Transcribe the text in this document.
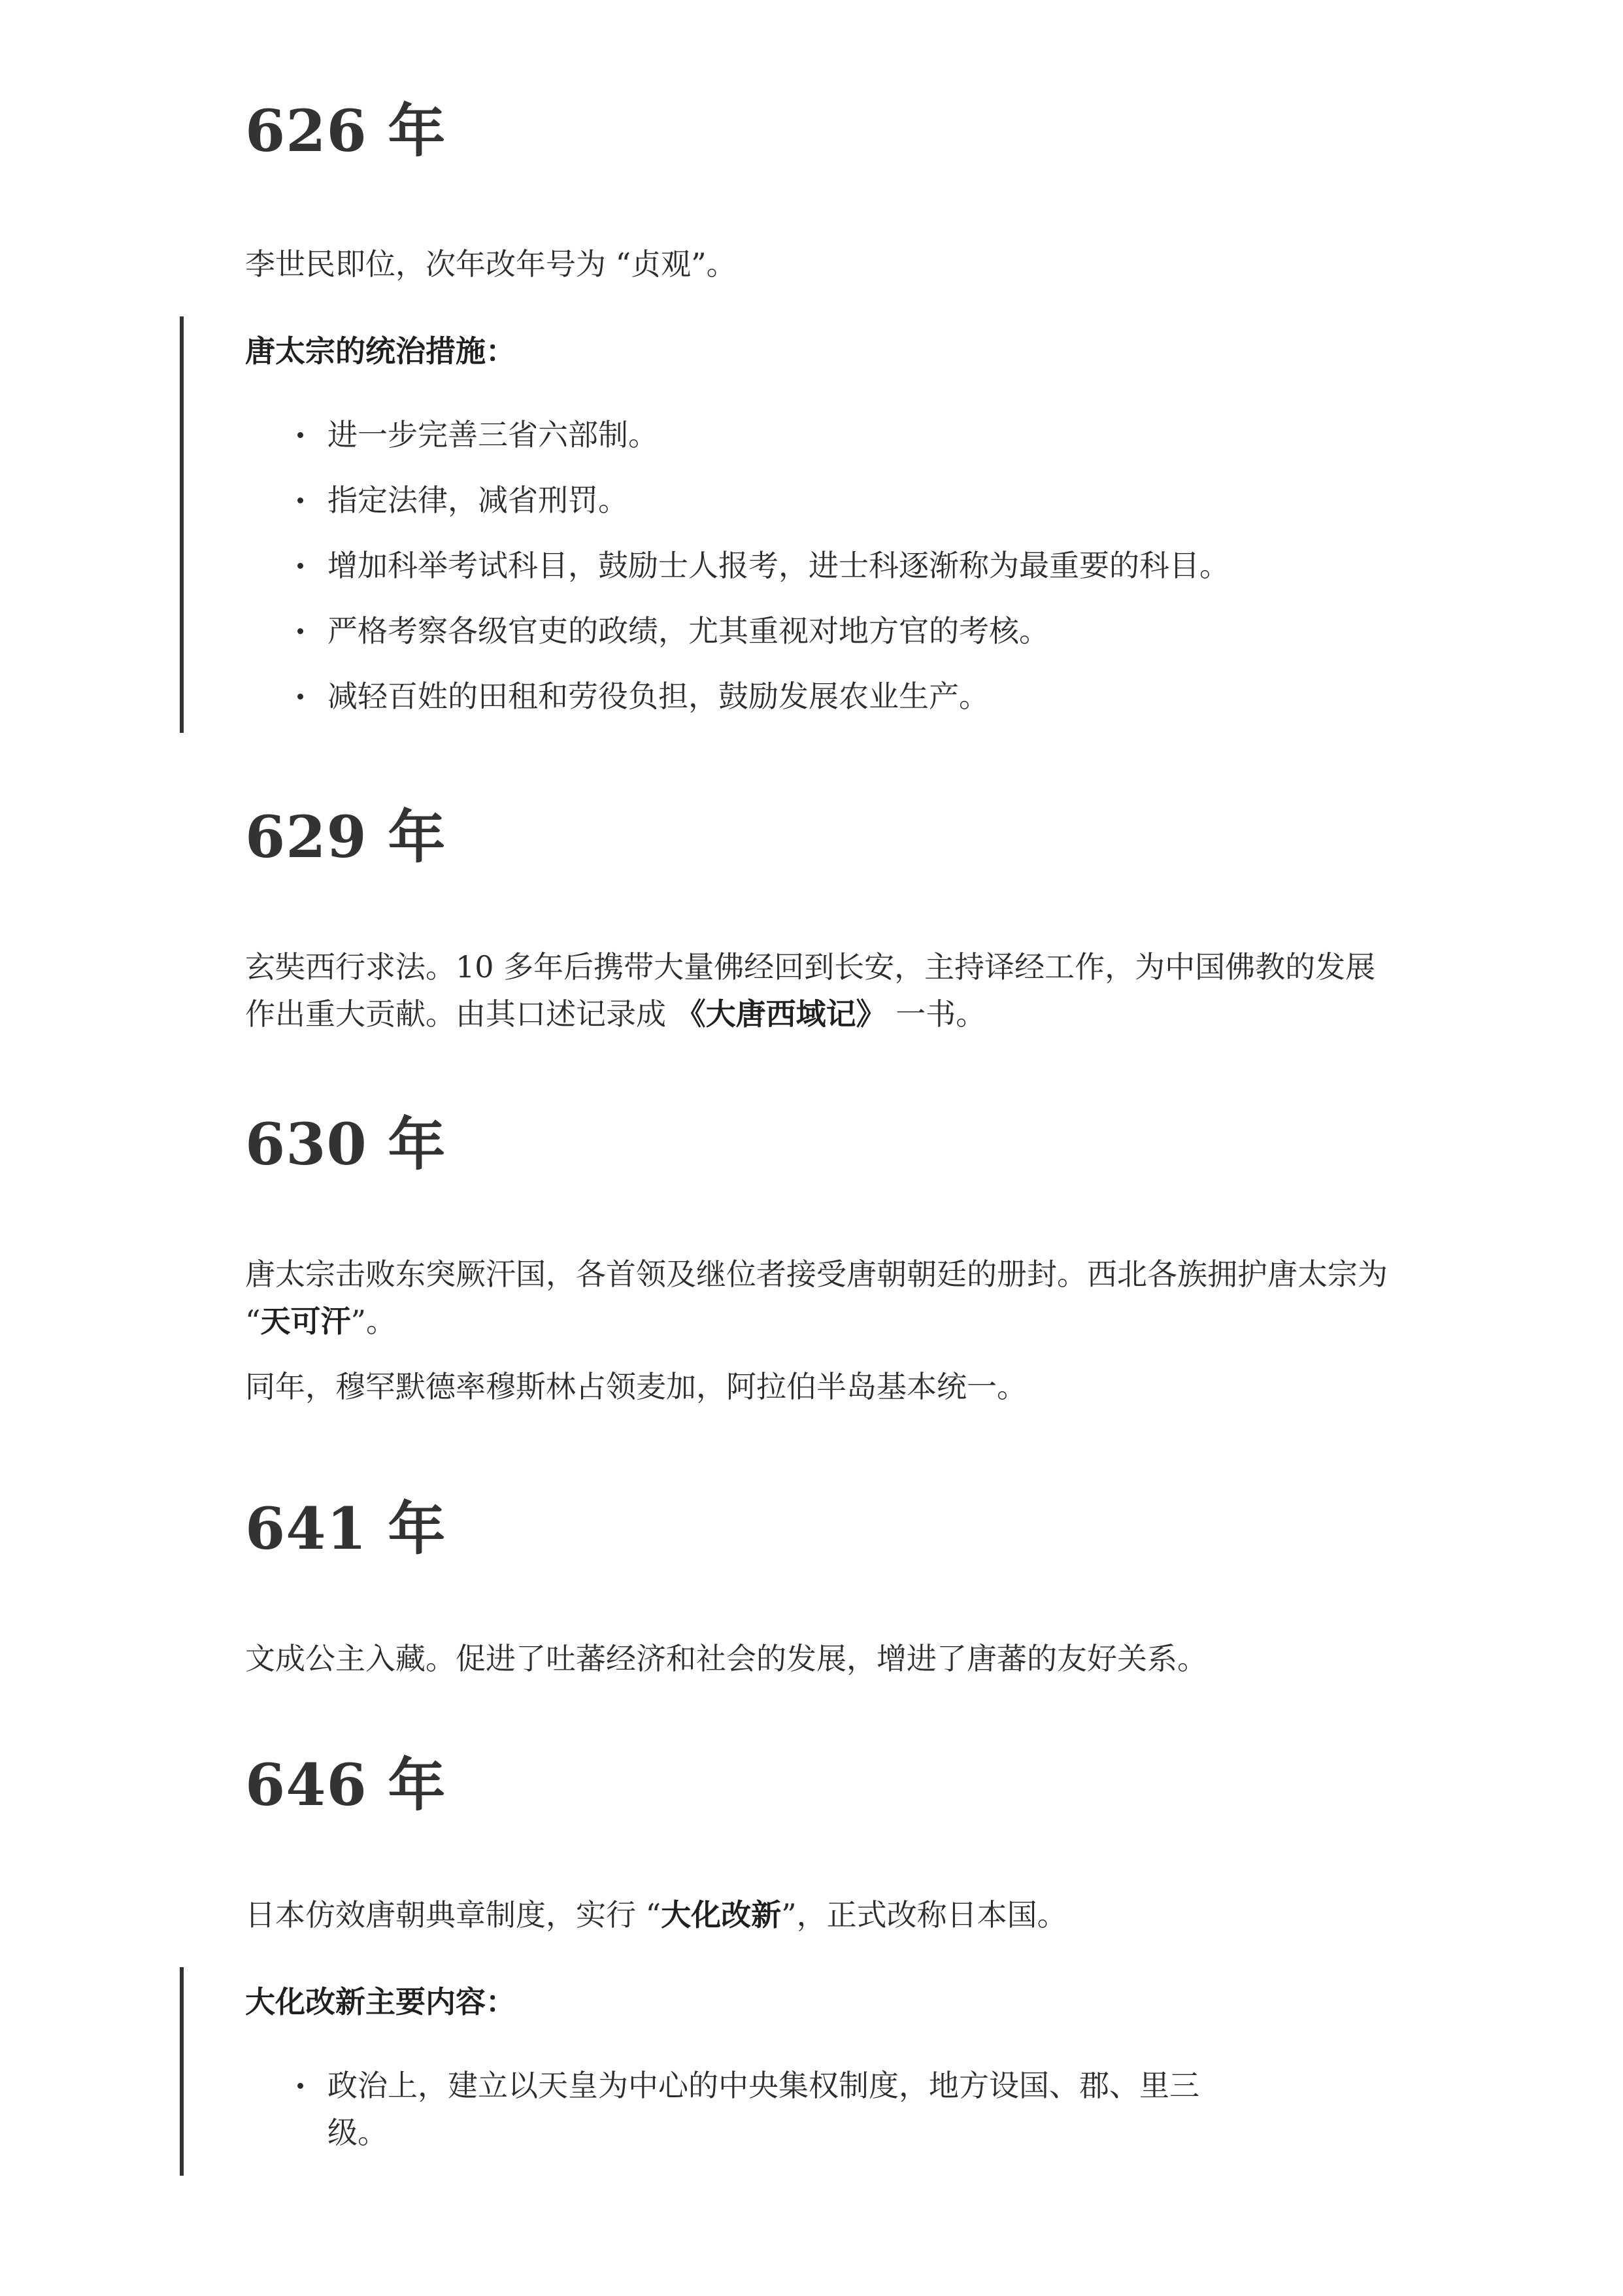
626 年

李世民即位，次年改年号为 “贞观”。

唐太宗的统治措施：

进一步完善三省六部制。
指定法律，减省刑罚。
增加科举考试科目，鼓励士人报考，进士科逐渐称为最重要的科目。
严格考察各级官吏的政绩，尤其重视对地方官的考核。
减轻百姓的田租和劳役负担，鼓励发展农业生产。
629 年

玄奘西行求法。10 多年后携带大量佛经回到长安，主持译经工作，为中国佛教的发展作出重大贡献。由其口述记录成 《大唐西域记》 一书。

630 年

唐太宗击败东突厥汗国，各首领及继位者接受唐朝朝廷的册封。西北各族拥护唐太宗为 “天可汗”。

同年，穆罕默德率穆斯林占领麦加，阿拉伯半岛基本统一。

641 年

文成公主入藏。促进了吐蕃经济和社会的发展，增进了唐蕃的友好关系。

646 年

日本仿效唐朝典章制度，实行 “大化改新”，正式改称日本国。

大化改新主要内容：

政治上，建立以天皇为中心的中央集权制度，地方设国、郡、里三级。
